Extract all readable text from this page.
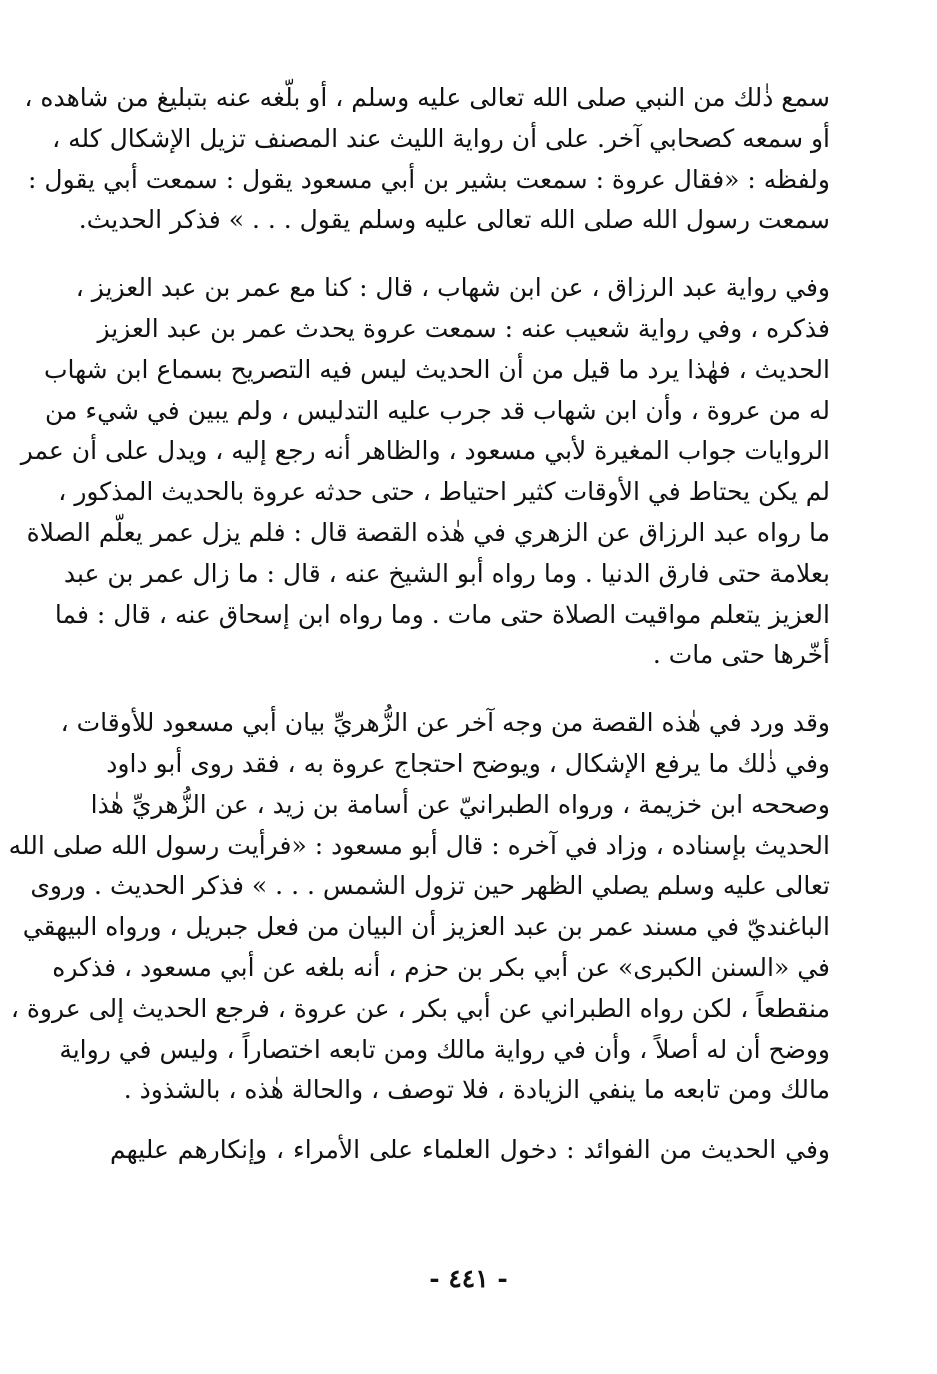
سمع ذٰلك من النبي صلى الله تعالى عليه وسلم ، أو بلّغه عنه بتبليغ من شاهده ،
أو سمعه كصحابي آخر. على أن رواية الليث عند المصنف تزيل الإشكال كله ،
ولفظه : «فقال عروة : سمعت بشير بن أبي مسعود يقول : سمعت أبي يقول :
سمعت رسول الله صلى الله تعالى عليه وسلم يقول . . . » فذكر الحديث.

وفي رواية عبد الرزاق ، عن ابن شهاب ، قال : كنا مع عمر بن عبد العزيز ،
فذكره ، وفي رواية شعيب عنه : سمعت عروة يحدث عمر بن عبد العزيز
الحديث ، فهٰذا يرد ما قيل من أن الحديث ليس فيه التصريح بسماع ابن شهاب
له من عروة ، وأن ابن شهاب قد جرب عليه التدليس ، ولم يبين في شيء من
الروايات جواب المغيرة لأبي مسعود ، والظاهر أنه رجع إليه ، ويدل على أن عمر
لم يكن يحتاط في الأوقات كثير احتياط ، حتى حدثه عروة بالحديث المذكور ،
ما رواه عبد الرزاق عن الزهري في هٰذه القصة قال : فلم يزل عمر يعلّم الصلاة
بعلامة حتى فارق الدنيا . وما رواه أبو الشيخ عنه ، قال : ما زال عمر بن عبد
العزيز يتعلم مواقيت الصلاة حتى مات . وما رواه ابن إسحاق عنه ، قال : فما
أخّرها حتى مات .

وقد ورد في هٰذه القصة من وجه آخر عن الزُّهريِّ بيان أبي مسعود للأوقات ،
وفي ذٰلك ما يرفع الإشكال ، ويوضح احتجاج عروة به ، فقد روى أبو داود
وصححه ابن خزيمة ، ورواه الطبرانيّ عن أسامة بن زيد ، عن الزُّهريِّ هٰذا
الحديث بإسناده ، وزاد في آخره : قال أبو مسعود : «فرأيت رسول الله صلى الله
تعالى عليه وسلم يصلي الظهر حين تزول الشمس . . . » فذكر الحديث . وروى
الباغنديّ في مسند عمر بن عبد العزيز أن البيان من فعل جبريل ، ورواه البيهقي
في «السنن الكبرى» عن أبي بكر بن حزم ، أنه بلغه عن أبي مسعود ، فذكره
منقطعاً ، لكن رواه الطبراني عن أبي بكر ، عن عروة ، فرجع الحديث إلى عروة ،
ووضح أن له أصلاً ، وأن في رواية مالك ومن تابعه اختصاراً ، وليس في رواية
مالك ومن تابعه ما ينفي الزيادة ، فلا توصف ، والحالة هٰذه ، بالشذوذ .

وفي الحديث من الفوائد : دخول العلماء على الأمراء ، وإنكارهم عليهم

- ٤٤١ -
